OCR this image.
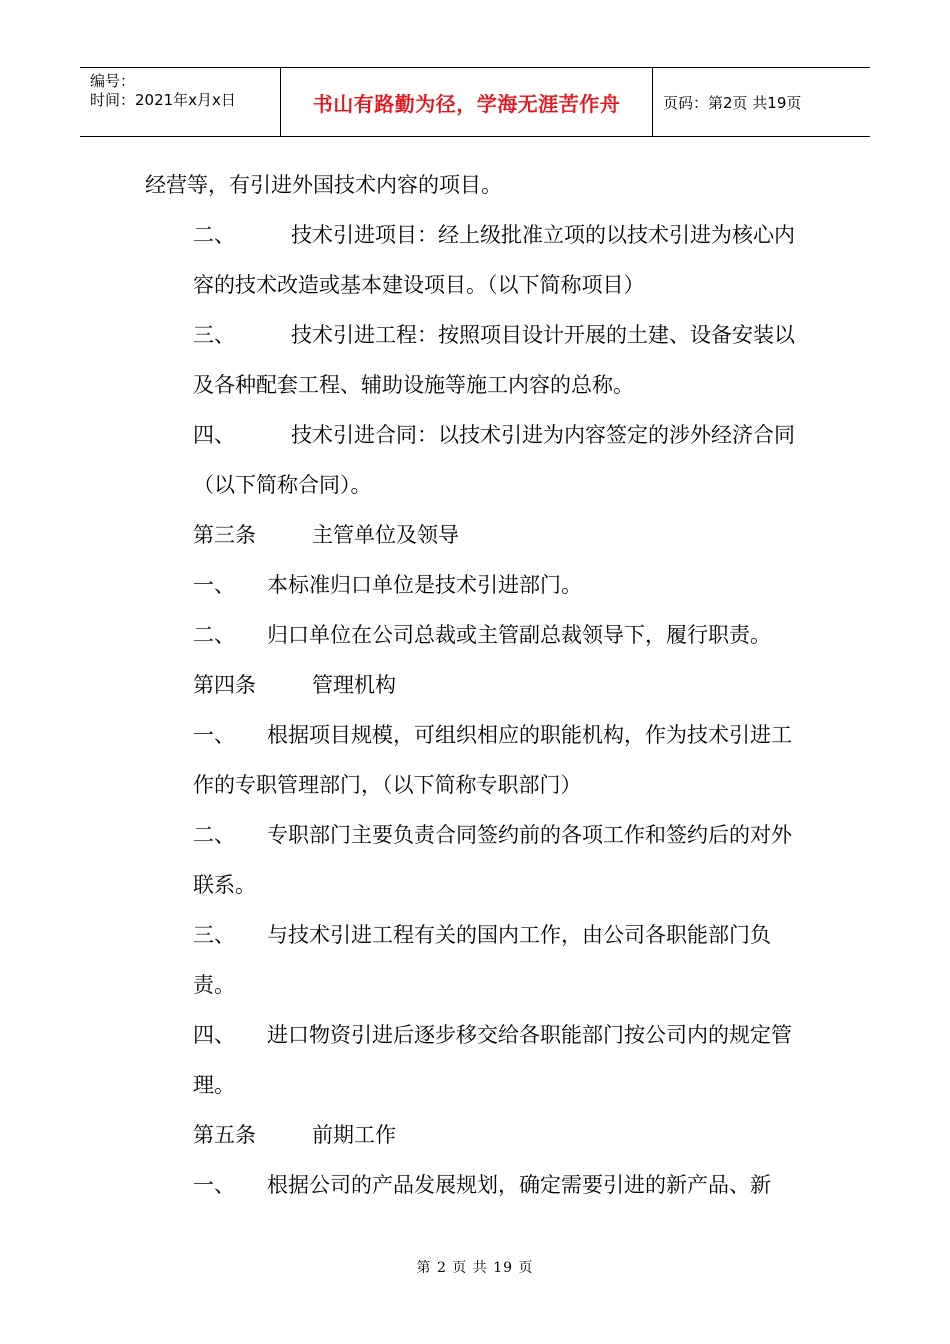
编号：
时间：2021年x月x日	书山有路勤为径，学海无涯苦作舟	页码：第2页 共19页

经营等，有引进外国技术内容的项目。

二、	技术引进项目：经上级批准立项的以技术引进为核心内容的技术改造或基本建设项目。（以下简称项目）

三、	技术引进工程：按照项目设计开展的土建、设备安装以及各种配套工程、辅助设施等施工内容的总称。

四、	技术引进合同：以技术引进为内容签定的涉外经济合同（以下简称合同）。

第三条	主管单位及领导

一、 本标准归口单位是技术引进部门。

二、 归口单位在公司总裁或主管副总裁领导下，履行职责。

第四条	管理机构

一、 根据项目规模，可组织相应的职能机构，作为技术引进工作的专职管理部门，（以下简称专职部门）

二、 专职部门主要负责合同签约前的各项工作和签约后的对外联系。

三、 与技术引进工程有关的国内工作，由公司各职能部门负责。

四、 进口物资引进后逐步移交给各职能部门按公司内的规定管理。

第五条	前期工作

一、 根据公司的产品发展规划，确定需要引进的新产品、新

第 2 页 共 19 页
